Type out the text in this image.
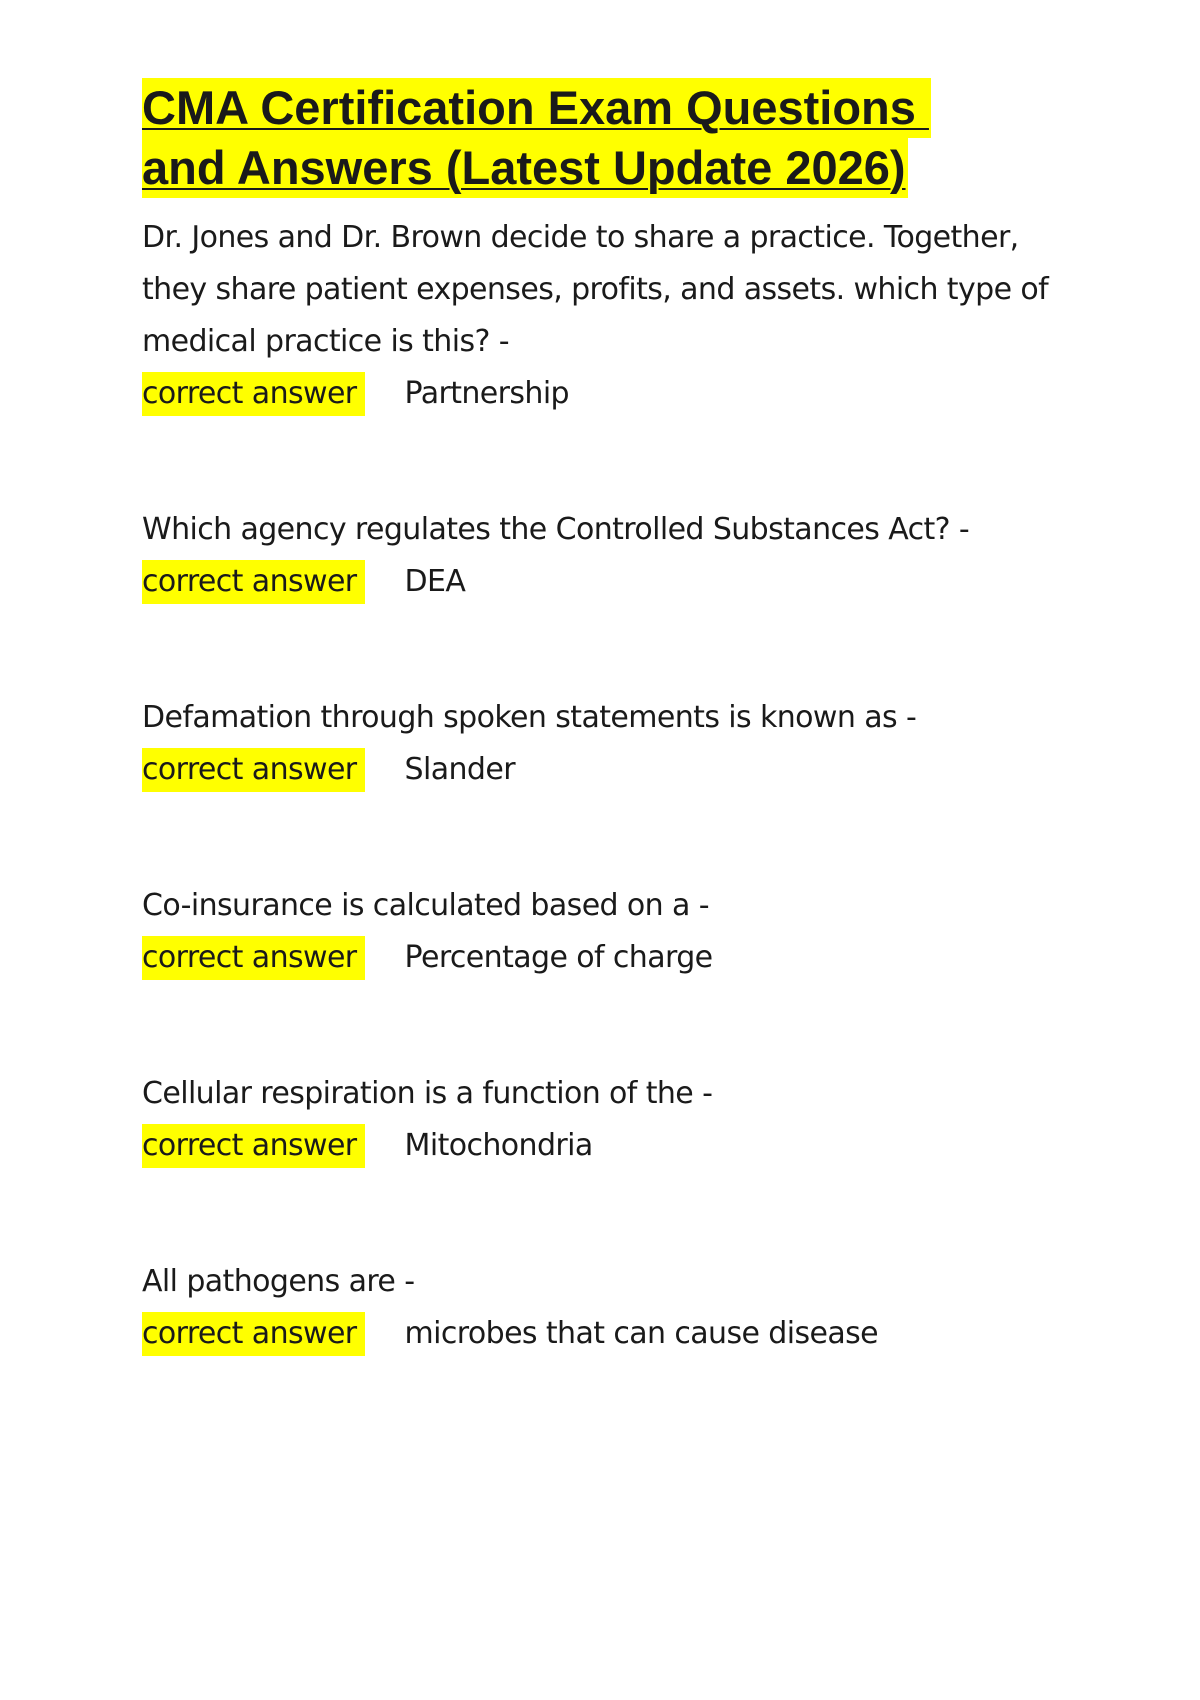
CMA Certification Exam Questions
and Answers (Latest Update 2026)

Dr. Jones and Dr. Brown decide to share a practice. Together, they share patient expenses, profits, and assets. which type of medical practice is this? -

correct answer Partnership

Which agency regulates the Controlled Substances Act? -

correct answer DEA

Defamation through spoken statements is known as -

correct answer Slander

Co-insurance is calculated based on a -

correct answer Percentage of charge

Cellular respiration is a function of the -

correct answer Mitochondria

All pathogens are -

correct answer microbes that can cause disease
